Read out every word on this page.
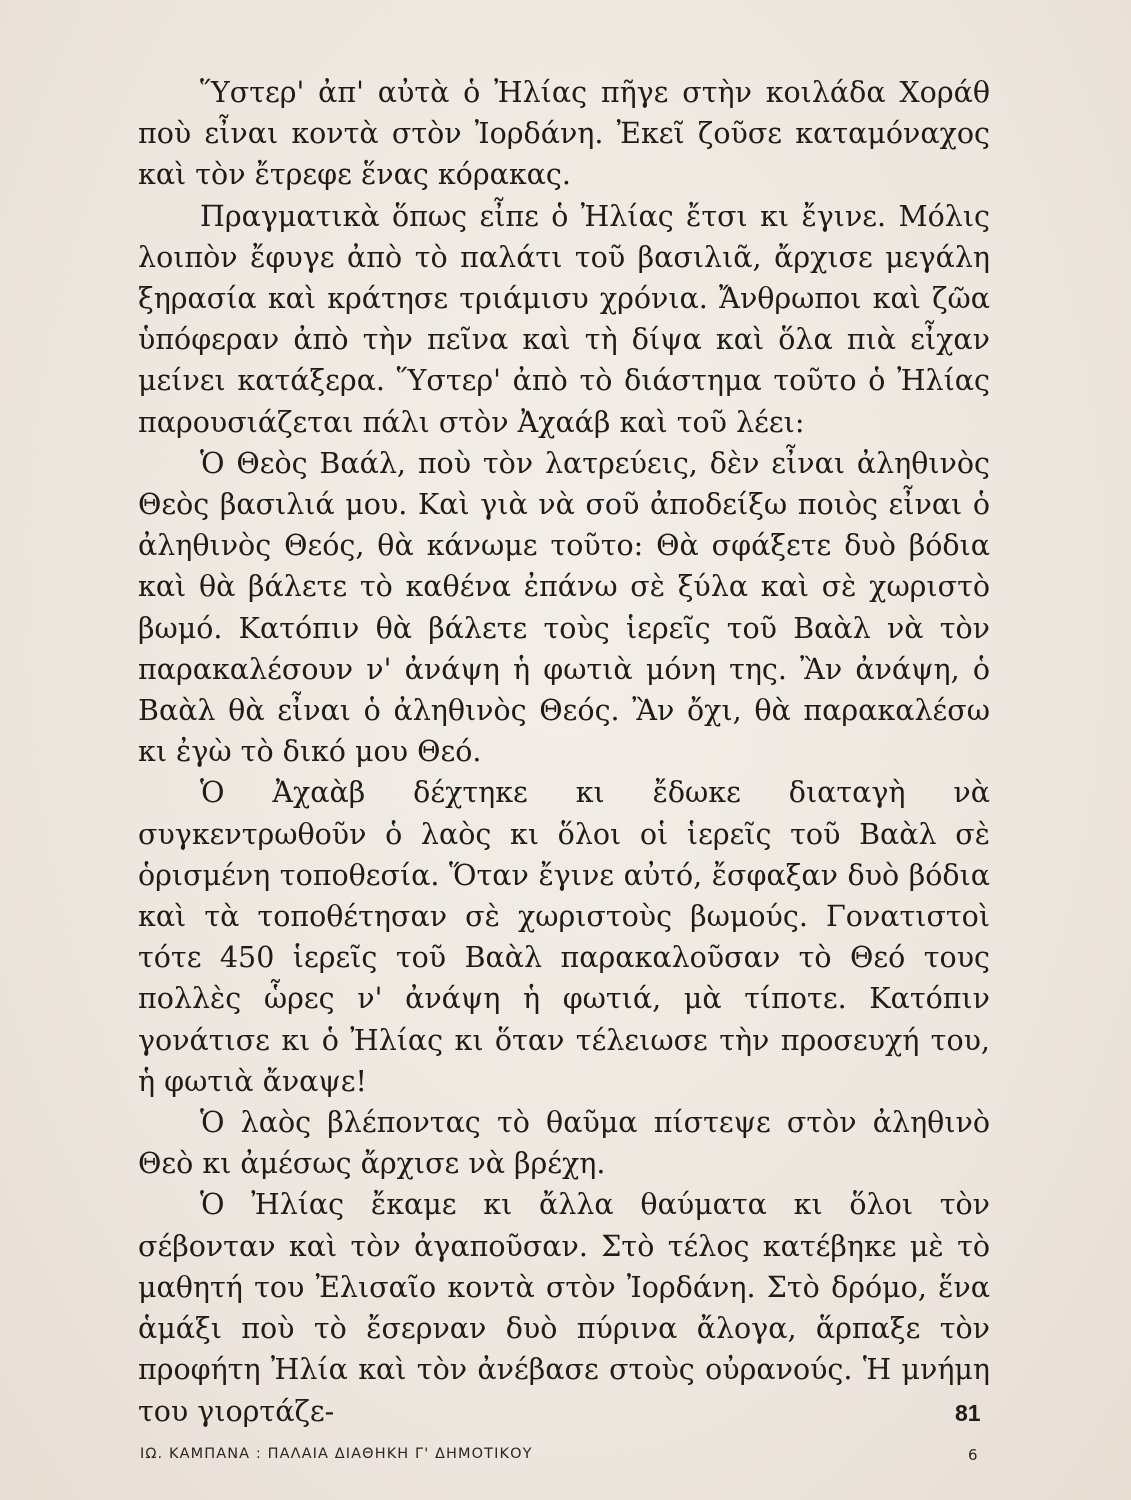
Ὕστερ' ἀπ' αὐτὰ ὁ Ἠλίας πῆγε στὴν κοιλάδα Χοράθ ποὺ εἶναι κοντὰ στὸν Ἰορδάνη. Ἐκεῖ ζοῦσε καταμόναχος καὶ τὸν ἔτρεφε ἕνας κόρακας.

Πραγματικὰ ὅπως εἶπε ὁ Ἠλίας ἔτσι κι ἔγινε. Μόλις λοιπὸν ἔφυγε ἀπὸ τὸ παλάτι τοῦ βασιλιᾶ, ἄρχισε μεγάλη ξηρασία καὶ κράτησε τριάμισυ χρόνια. Ἄνθρωποι καὶ ζῶα ὑπόφεραν ἀπὸ τὴν πεῖνα καὶ τὴ δίψα καὶ ὅλα πιὰ εἶχαν μείνει κατάξερα. Ὕστερ' ἀπὸ τὸ διάστημα τοῦτο ὁ Ἠλίας παρουσιάζεται πάλι στὸν Ἀχαάβ καὶ τοῦ λέει:

Ὁ Θεὸς Βαάλ, ποὺ τὸν λατρεύεις, δὲν εἶναι ἀληθινὸς Θεὸς βασιλιά μου. Καὶ γιὰ νὰ σοῦ ἀποδείξω ποιὸς εἶναι ὁ ἀληθινὸς Θεός, θὰ κάνωμε τοῦτο: Θὰ σφάξετε δυὸ βόδια καὶ θὰ βάλετε τὸ καθένα ἐπάνω σὲ ξύλα καὶ σὲ χωριστὸ βωμό. Κατόπιν θὰ βάλετε τοὺς ἱερεῖς τοῦ Βαὰλ νὰ τὸν παρακαλέσουν ν' ἀνάψη ἡ φωτιὰ μόνη της. Ἂν ἀνάψη, ὁ Βαὰλ θὰ εἶναι ὁ ἀληθινὸς Θεός. Ἂν ὄχι, θὰ παρακαλέσω κι ἐγὼ τὸ δικό μου Θεό.

Ὁ Ἀχαὰβ δέχτηκε κι ἔδωκε διαταγὴ νὰ συγκεντρωθοῦν ὁ λαὸς κι ὅλοι οἱ ἱερεῖς τοῦ Βαὰλ σὲ ὁρισμένη τοποθεσία. Ὅταν ἔγινε αὐτό, ἔσφαξαν δυὸ βόδια καὶ τὰ τοποθέτησαν σὲ χωριστοὺς βωμούς. Γονατιστοὶ τότε 450 ἱερεῖς τοῦ Βαὰλ παρακαλοῦσαν τὸ Θεό τους πολλὲς ὧρες ν' ἀνάψη ἡ φωτιά, μὰ τίποτε. Κατόπιν γονάτισε κι ὁ Ἠλίας κι ὅταν τέλειωσε τὴν προσευχή του, ἡ φωτιὰ ἄναψε!

Ὁ λαὸς βλέποντας τὸ θαῦμα πίστεψε στὸν ἀληθινὸ Θεὸ κι ἀμέσως ἄρχισε νὰ βρέχη.

Ὁ Ἠλίας ἔκαμε κι ἄλλα θαύματα κι ὅλοι τὸν σέβονταν καὶ τὸν ἀγαποῦσαν. Στὸ τέλος κατέβηκε μὲ τὸ μαθητή του Ἐλισαῖο κοντὰ στὸν Ἰορδάνη. Στὸ δρόμο, ἕνα ἁμάξι ποὺ τὸ ἔσερναν δυὸ πύρινα ἄλογα, ἅρπαξε τὸν προφήτη Ἠλία καὶ τὸν ἀνέβασε στοὺς οὐρανούς. Ἡ μνήμη του γιορτάζε-	81
ΙΩ. ΚΑΜΠΑΝΑ : ΠΑΛΑΙΑ ΔΙΑΘΗΚΗ Γ' ΔΗΜΟΤΙΚΟΥ	6
